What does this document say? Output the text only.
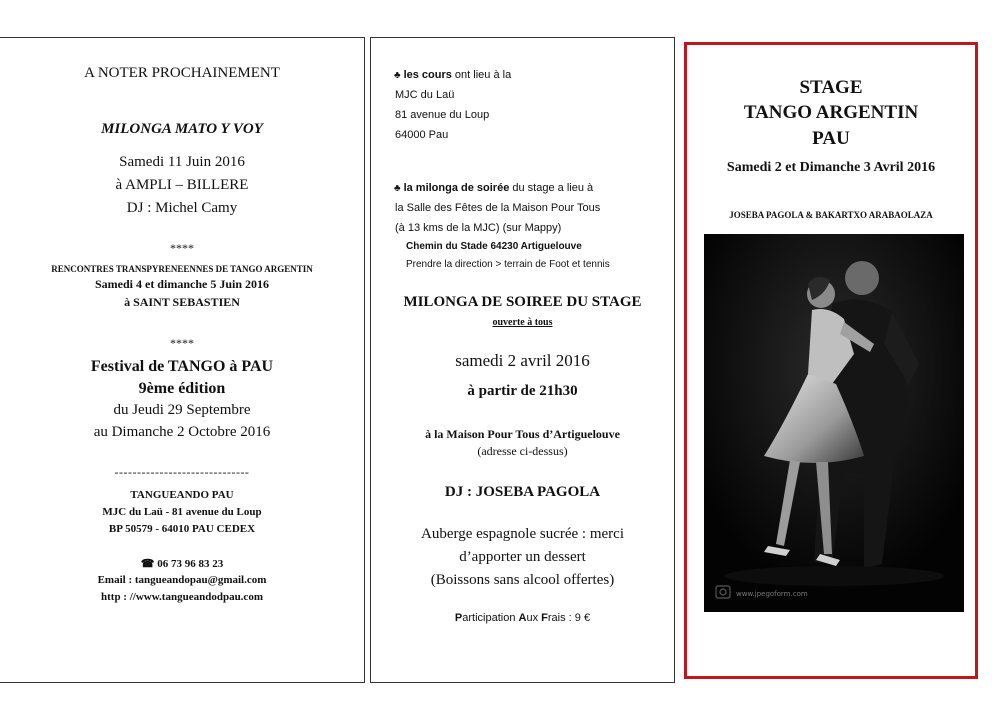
A NOTER PROCHAINEMENT
MILONGA MATO Y VOY
Samedi 11 Juin 2016
à AMPLI – BILLERE
DJ : Michel Camy
****
RENCONTRES TRANSPYRENEENNES DE TANGO ARGENTIN
Samedi 4 et dimanche 5 Juin 2016
à SAINT SEBASTIEN
****
Festival de TANGO à PAU
9ème édition
du Jeudi 29 Septembre
au Dimanche 2 Octobre 2016
------------------------------
TANGUEANDO PAU
MJC du Laü - 81 avenue du Loup
BP 50579 - 64010 PAU CEDEX
☎ 06 73 96 83 23
Email : tangueandopau@gmail.com
http : //www.tangueandodpau.com
♣ les cours ont lieu à la
MJC du Laü
81 avenue du Loup
64000 Pau
♣ la milonga de soirée du stage a lieu à
la Salle des Fêtes de la Maison Pour Tous
(à 13 kms de la MJC) (sur Mappy)
Chemin du Stade 64230 Artiguelouve
Prendre la direction > terrain de Foot et tennis
MILONGA DE SOIREE DU STAGE
ouverte à tous
samedi 2 avril 2016
à partir de 21h30
à la Maison Pour Tous d’Artiguelouve
(adresse ci-dessus)
DJ : JOSEBA PAGOLA
Auberge espagnole sucrée : merci
d’apporter un dessert
(Boissons sans alcool offertes)
Participation Aux Frais : 9 €
STAGE
TANGO ARGENTIN
PAU
Samedi 2 et Dimanche 3 Avril 2016
JOSEBA PAGOLA & BAKARTXO ARABAOLAZA
www.jpegoform.com
